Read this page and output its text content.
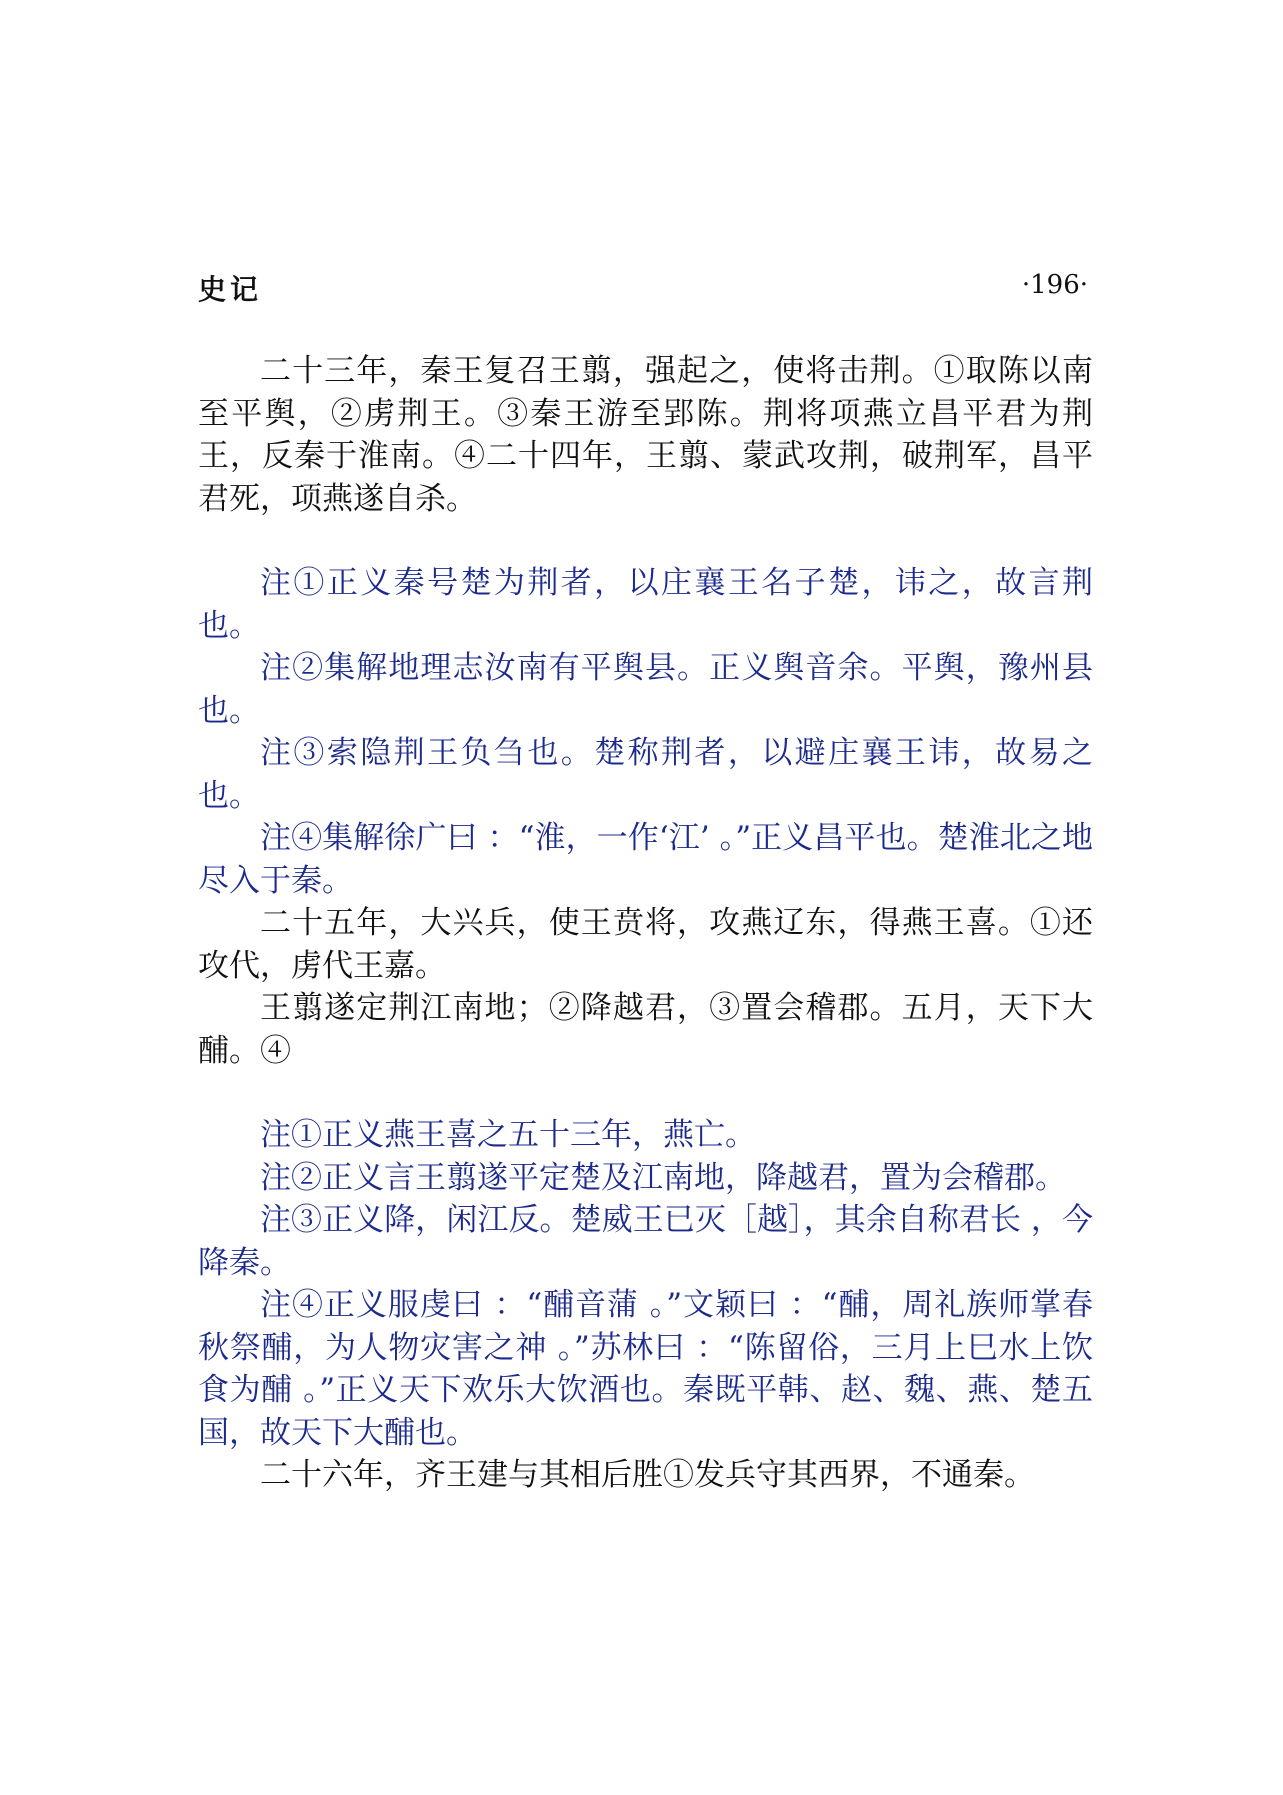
史记	·196·

二十三年，秦王复召王翦，强起之，使将击荆。①取陈以南至平舆，②虏荆王。③秦王游至郢陈。荆将项燕立昌平君为荆王，反秦于淮南。④二十四年，王翦、蒙武攻荆，破荆军，昌平君死，项燕遂自杀。

注①正义秦号楚为荆者，以庄襄王名子楚，讳之，故言荆也。

注②集解地理志汝南有平舆县。正义舆音余。平舆，豫州县也。

注③索隐荆王负刍也。楚称荆者，以避庄襄王讳，故易之也。

注④集解徐广曰 ：“淮，一作‘江’ 。”正义昌平也。楚淮北之地尽入于秦。

二十五年，大兴兵，使王贲将，攻燕辽东，得燕王喜。①还攻代，虏代王嘉。

王翦遂定荆江南地；②降越君，③置会稽郡。五月，天下大酺。④

注①正义燕王喜之五十三年，燕亡。

注②正义言王翦遂平定楚及江南地，降越君，置为会稽郡。

注③正义降，闲江反。楚威王已灭［越］，其余自称君长 ，今降秦。

注④正义服虔曰 ：“酺音蒲 。”文颖曰 ：“酺，周礼族师掌春秋祭酺，为人物灾害之神 。”苏林曰 ：“陈留俗，三月上巳水上饮食为酺 。”正义天下欢乐大饮酒也。秦既平韩、赵、魏、燕、楚五国，故天下大酺也。

二十六年，齐王建与其相后胜①发兵守其西界，不通秦。
